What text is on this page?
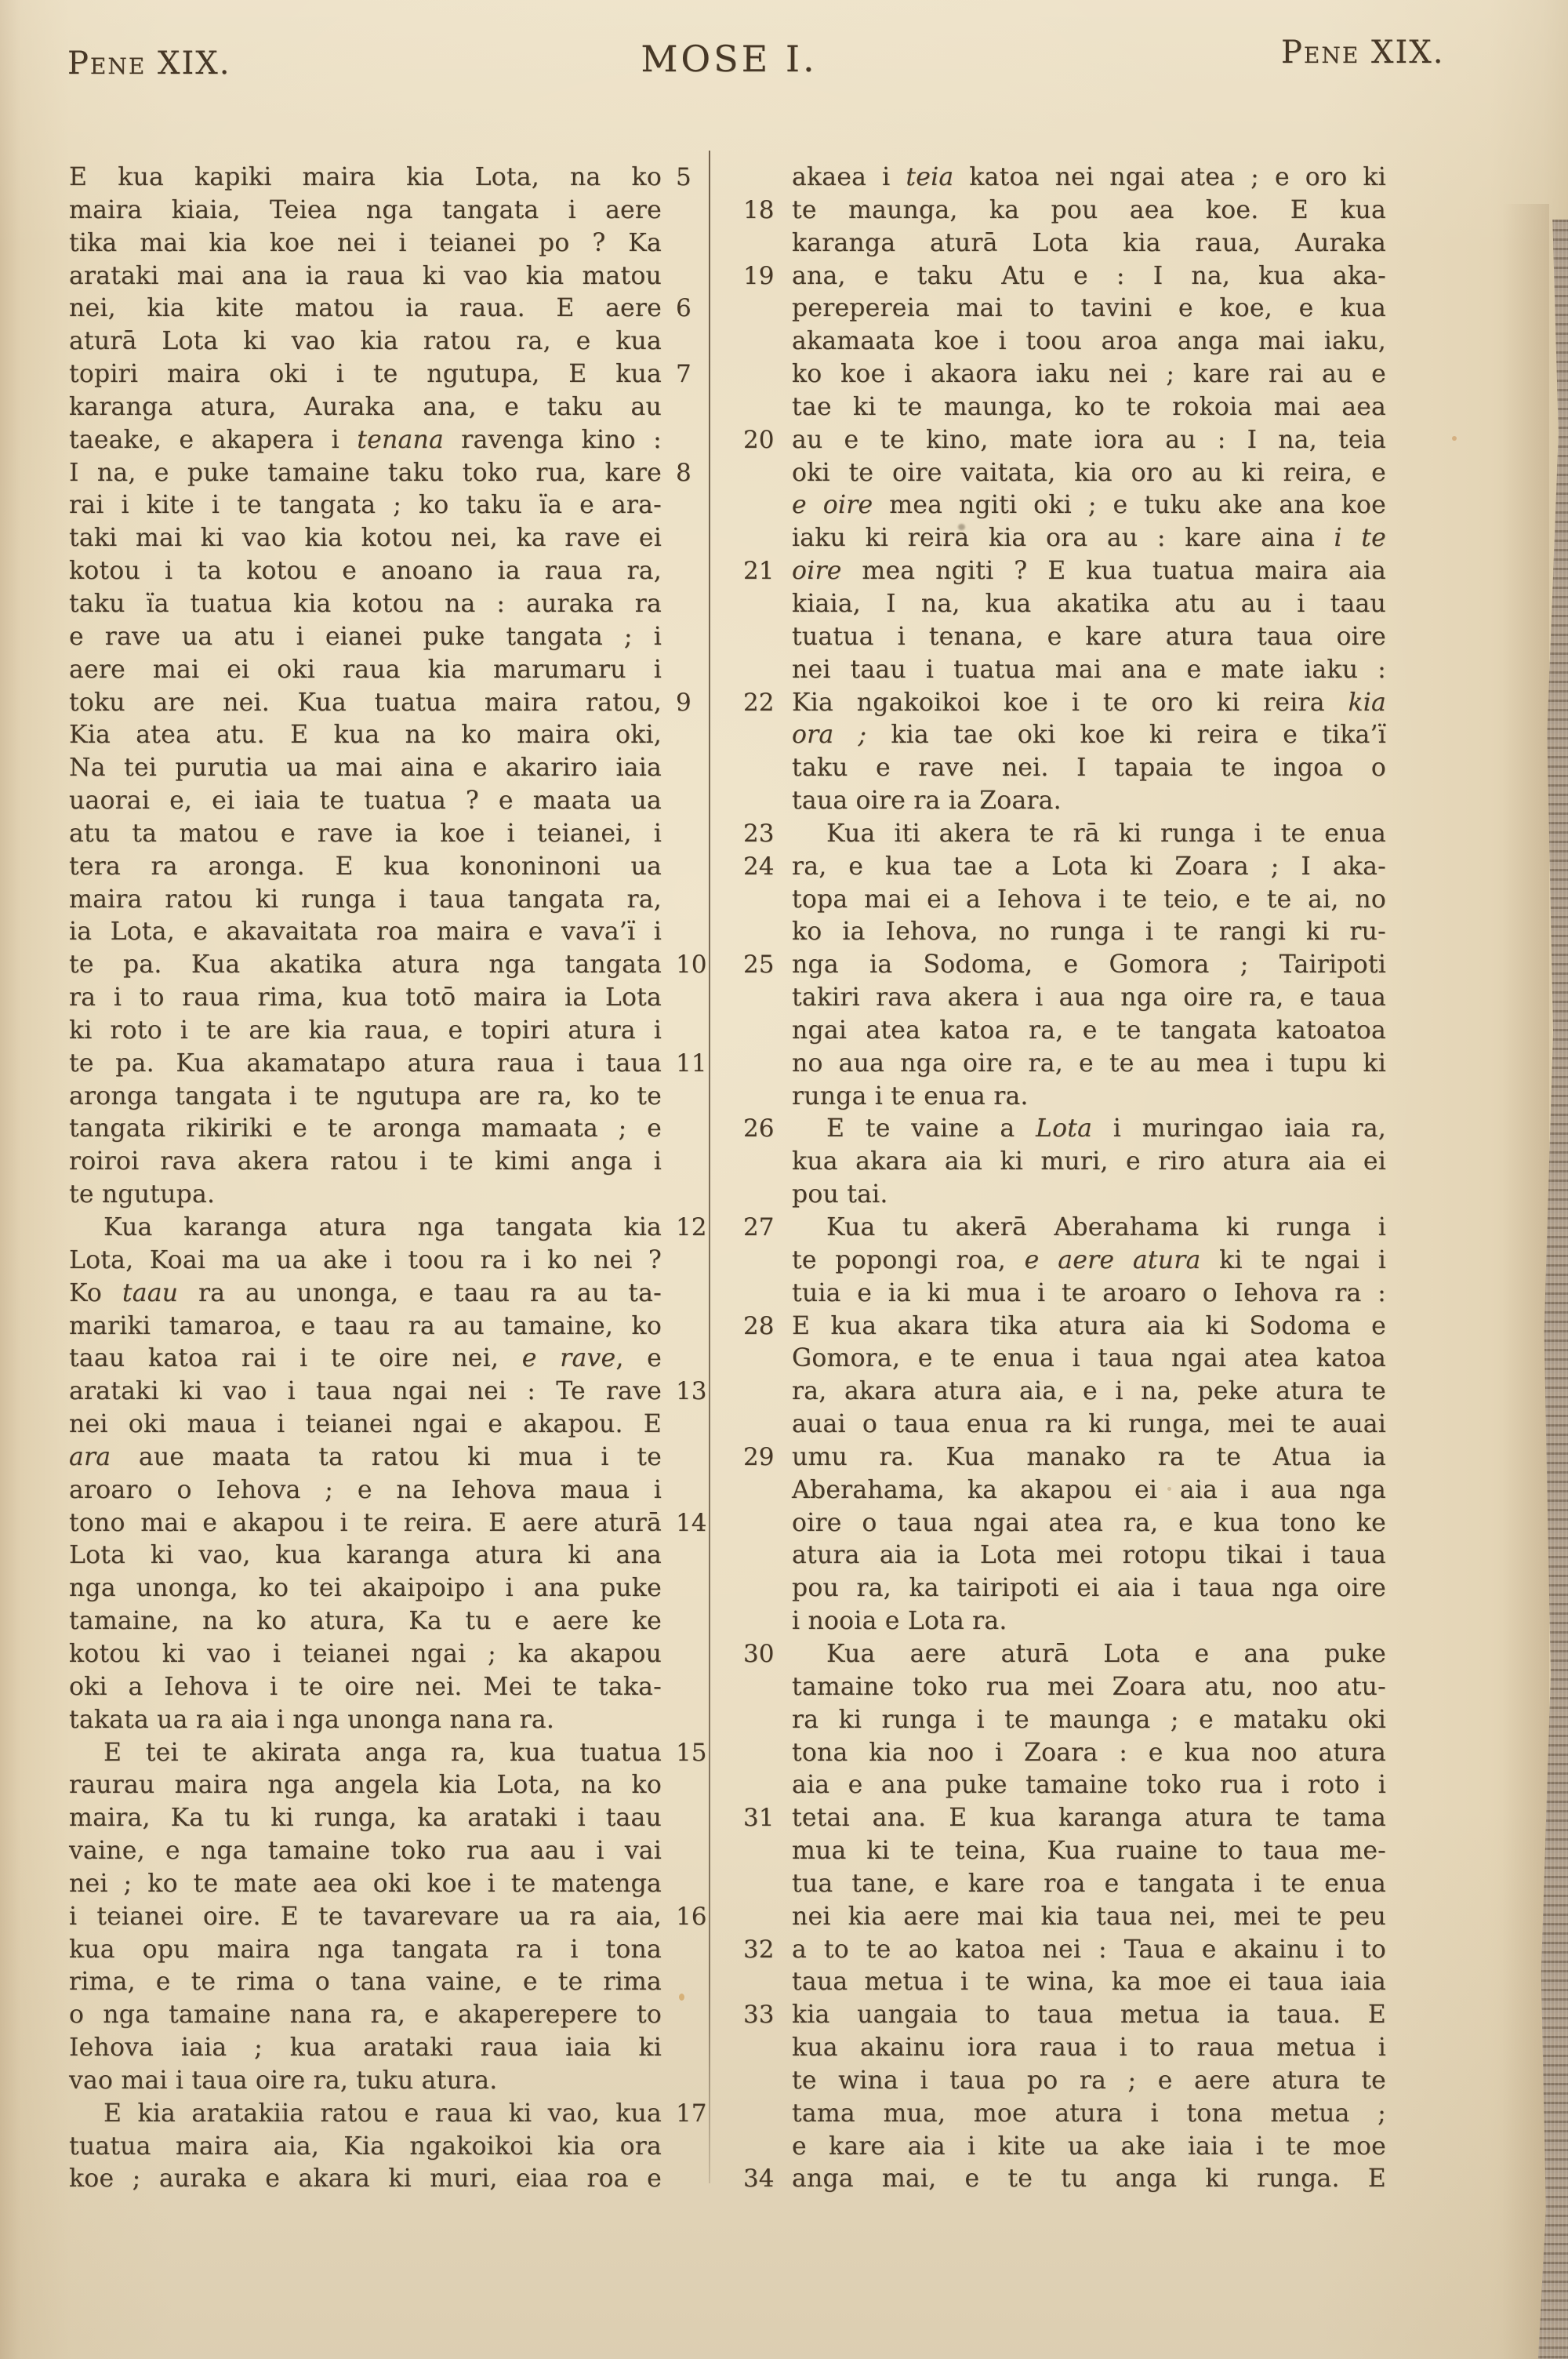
Pene XIX.	MOSE I.	Pene XIX.
E kua kapiki maira kia Lota, na ko 5
maira kiaia, Teiea nga tangata i aere
tika mai kia koe nei i teianei po ? Ka
arataki mai ana ia raua ki vao kia matou
nei, kia kite matou ia raua. E aere 6
aturā Lota ki vao kia ratou ra, e kua
topiri maira oki i te ngutupa, E kua 7
karanga atura, Auraka ana, e taku au
taeake, e akapera i tenana ravenga kino :
I na, e puke tamaine taku toko rua, kare 8
rai i kite i te tangata ; ko taku ïa e ara-
taki mai ki vao kia kotou nei, ka rave ei
kotou i ta kotou e anoano ia raua ra,
taku ïa tuatua kia kotou na : auraka ra
e rave ua atu i eianei puke tangata ; i
aere mai ei oki raua kia marumaru i
toku are nei. Kua tuatua maira ratou, 9
Kia atea atu. E kua na ko maira oki,
Na tei purutia ua mai aina e akariro iaia
uaorai e, ei iaia te tuatua ? e maata ua
atu ta matou e rave ia koe i teianei, i
tera ra aronga. E kua kononinoni ua
maira ratou ki runga i taua tangata ra,
ia Lota, e akavaitata roa maira e vava’ï i
te pa. Kua akatika atura nga tangata 10
ra i to raua rima, kua totō maira ia Lota
ki roto i te are kia raua, e topiri atura i
te pa. Kua akamatapo atura raua i taua 11
aronga tangata i te ngutupa are ra, ko te
tangata rikiriki e te aronga mamaata ; e
roiroi rava akera ratou i te kimi anga i
te ngutupa.
Kua karanga atura nga tangata kia 12
Lota, Koai ma ua ake i toou ra i ko nei ?
Ko taau ra au unonga, e taau ra au ta-
mariki tamaroa, e taau ra au tamaine, ko
taau katoa rai i te oire nei, e rave, e
arataki ki vao i taua ngai nei : Te rave 13
nei oki maua i teianei ngai e akapou. E
ara aue maata ta ratou ki mua i te
aroaro o Iehova ; e na Iehova maua i
tono mai e akapou i te reira. E aere aturā 14
Lota ki vao, kua karanga atura ki ana
nga unonga, ko tei akaipoipo i ana puke
tamaine, na ko atura, Ka tu e aere ke
kotou ki vao i teianei ngai ; ka akapou
oki a Iehova i te oire nei. Mei te taka-
takata ua ra aia i nga unonga nana ra.
E tei te akirata anga ra, kua tuatua 15
raurau maira nga angela kia Lota, na ko
maira, Ka tu ki runga, ka arataki i taau
vaine, e nga tamaine toko rua aau i vai
nei ; ko te mate aea oki koe i te matenga
i teianei oire. E te tavarevare ua ra aia, 16
kua opu maira nga tangata ra i tona
rima, e te rima o tana vaine, e te rima
o nga tamaine nana ra, e akaperepere to
Iehova iaia ; kua arataki raua iaia ki
vao mai i taua oire ra, tuku atura.
E kia aratakiia ratou e raua ki vao, kua 17
tuatua maira aia, Kia ngakoikoi kia ora
koe ; auraka e akara ki muri, eiaa roa e
akaea i teia katoa nei ngai atea ; e oro ki
18 te maunga, ka pou aea koe. E kua
karanga aturā Lota kia raua, Auraka
19 ana, e taku Atu e : I na, kua aka-
perepereia mai to tavini e koe, e kua
akamaata koe i toou aroa anga mai iaku,
ko koe i akaora iaku nei ; kare rai au e
tae ki te maunga, ko te rokoia mai aea
20 au e te kino, mate iora au : I na, teia
oki te oire vaitata, kia oro au ki reira, e
e oire mea ngiti oki ; e tuku ake ana koe
iaku ki reira kia ora au : kare aina i te
21 oire mea ngiti ? E kua tuatua maira aia
kiaia, I na, kua akatika atu au i taau
tuatua i tenana, e kare atura taua oire
nei taau i tuatua mai ana e mate iaku :
22 Kia ngakoikoi koe i te oro ki reira kia
ora ; kia tae oki koe ki reira e tika’ï
taku e rave nei. I tapaia te ingoa o
taua oire ra ia Zoara.
23	Kua iti akera te rā ki runga i te enua
24 ra, e kua tae a Lota ki Zoara ; I aka-
topa mai ei a Iehova i te teio, e te ai, no
ko ia Iehova, no runga i te rangi ki ru-
25 nga ia Sodoma, e Gomora ; Tairipoti
takiri rava akera i aua nga oire ra, e taua
ngai atea katoa ra, e te tangata katoatoa
no aua nga oire ra, e te au mea i tupu ki
runga i te enua ra.
26	E te vaine a Lota i muringao iaia ra,
kua akara aia ki muri, e riro atura aia ei
pou tai.
27	Kua tu akerā Aberahama ki runga i
te popongi roa, e aere atura ki te ngai i
tuia e ia ki mua i te aroaro o Iehova ra :
28 E kua akara tika atura aia ki Sodoma e
Gomora, e te enua i taua ngai atea katoa
ra, akara atura aia, e i na, peke atura te
auai o taua enua ra ki runga, mei te auai
29 umu ra. Kua manako ra te Atua ia
Aberahama, ka akapou ei aia i aua nga
oire o taua ngai atea ra, e kua tono ke
atura aia ia Lota mei rotopu tikai i taua
pou ra, ka tairipoti ei aia i taua nga oire
i nooia e Lota ra.
30	Kua aere aturā Lota e ana puke
tamaine toko rua mei Zoara atu, noo atu-
ra ki runga i te maunga ; e mataku oki
tona kia noo i Zoara : e kua noo atura
aia e ana puke tamaine toko rua i roto i
31 tetai ana. E kua karanga atura te tama
mua ki te teina, Kua ruaine to taua me-
tua tane, e kare roa e tangata i te enua
nei kia aere mai kia taua nei, mei te peu
32 a to te ao katoa nei : Taua e akainu i to
taua metua i te wina, ka moe ei taua iaia
33 kia uangaia to taua metua ia taua. E
kua akainu iora raua i to raua metua i
te wina i taua po ra ; e aere atura te
tama mua, moe atura i tona metua ;
e kare aia i kite ua ake iaia i te moe
34 anga mai, e te tu anga ki runga. E
